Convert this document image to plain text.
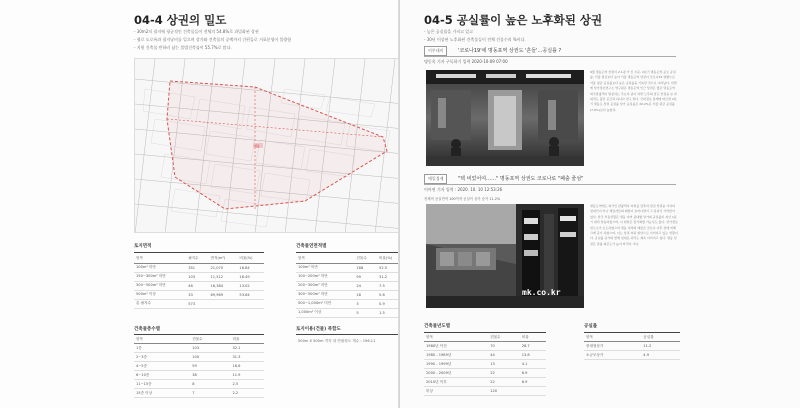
04-4 상권의 밀도
- 30m2의 필지에 평균적인 건축물들이 전체의 54.8%로 과밀화된 상권
- 협로 도로폭과 필지낭비를 일으며 상가와 건축물의 공백까지 간편들로 거표분생이 불량함
- 지원 건축물 반하러 났는 불법건축률이 55.7%로 많다.
명동
토지면적
항목	필지수	면적(m²)	비율(%)
100m² 미만	351	21,070	16.84
150~300m² 미만	103	11,512	16.49
300~500m² 미만	46	16,384	13.02
500m² 이상	33	69,969	53.64
총 필지수	573		
건축물연면적별
항목	건물수	비율(%)
100m² 미만	168	52.5
100~200m² 미만	99	31.2
200~300m² 미만	24	7.5
300~500m² 미만	18	5.6
500~1,000m² 미만	3	0.9
1,000m² 이상	5	1.5
건축물층수별
항목	건물수	비율
1층	103	32.1
2~3층	100	31.3
4~5층	59	18.6
6~10층	38	11.9
11~15층	8	2.5
15층 이상	7	2.2
토지이용(건물) 폭합도
500m X 500m 격자 내 연필평도 개수 : 196.11
04-5 공실률이 높은 노후화된 상권
- 높은 공실률을 가지고 있고
- 30년 이상된 노후화된 건축물들이 전체 건물수의 %이다.
이투데이	'코로나19'에 명동포역 상권도 '흔들'…공실률 ?
명동욱 기자 구독하기 입력 2020-10-09 07:00
9월 명동포역 상권이 2.1평 가 진 수준, 2분기 명동포역 공보 공실률, 서울 평균보다 높아 서울 명동포역 상권이 코로나19 영향으로 서울 평균 공실률보다 높은 공실률을 기록한 것으로 나타났다. 한편에 상가정보연구소 연구원은 명동포역 인근 상권은 많은 명동포역 외국관광객이 방문하는 주요지 중이 하면 노후의 점포 상점을 늘 자의적도 불안 공간과 하니다 연구 한다. 국내정보 통계에 따르면 2분기 명동포 상권 공실률 상가 공실률은 22.2%로 서울 평균 공실률(7.9%)보다 높았다.
매일경제	"텍 비었어여……" 명동포역 상권도 코로나로 "폐출 줄섬"
이아연 기자 입력 : 2020. 10. 10 12:53:26
전체적 공실면적 100여적 공실이 상가 증가 11.2%
mk.co.kr
명동포역에도 외국인 관광객이 자취를 감추자 밀집 상권을 가지며 임대인이 어나 세입자들의 폐업이 늘어나면서 그 분위기 가라앉아 있다. 한국 부동산원은 명동 지역 중대형 상가의 공실률이 지난 1분기 대비 상승하였으며, 이 현상은 장기화할 가능성도 있다. 상가정보연구소가 보도하였으며 명동 지역의 매물은 코로나 이후 전에 비해 크게 증가 하였으며, 이는 상권 쇠퇴 현상으로 이어지고 있는 상황이다. 공실률 증가와 함께 임대료 하락도 계속 이어지고 있다. 명동 상권은 관광 의존도가 높아 타격이 크다.
건축물년도별
항목	건물수	비율
1980년 이전	70	28.7
1980 - 1989년	44	13.8
1990 - 1999년	13	4.1
2000 - 2009년	22	6.9
2010년 이후	22	6.9
미상	120	
공실률
항목	공실률
중대형상가	11.2
소규모상가	4.9
